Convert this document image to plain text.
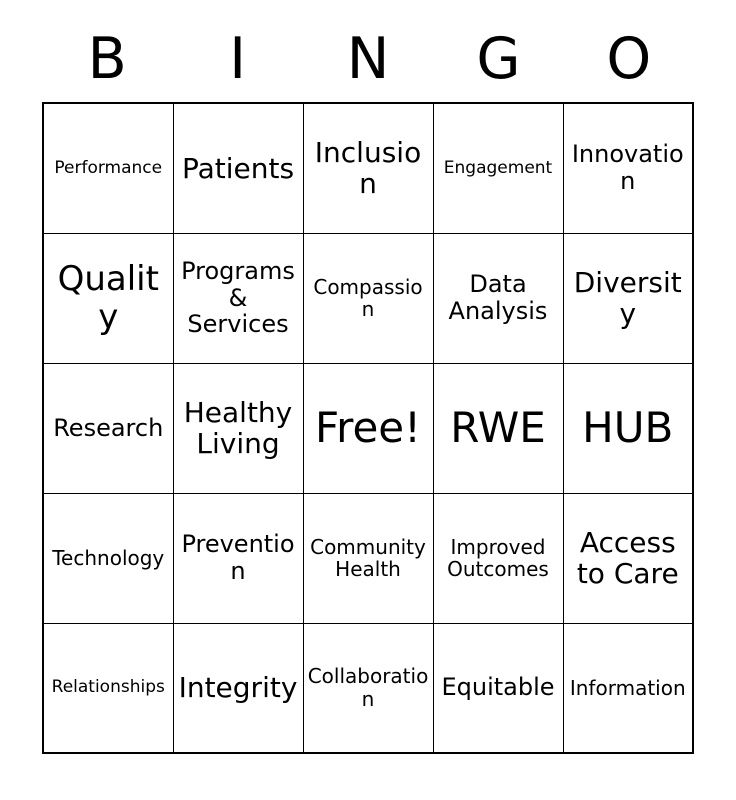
B	I	N	G	O
Performance	Patients	Inclusion	Engagement	Innovation
Quality	Programs & Services	Compassion	Data Analysis	Diversity
Research	Healthy Living	Free!	RWE	HUB
Technology	Prevention	Community Health	Improved Outcomes	Access to Care
Relationships	Integrity	Collaboration	Equitable	Information
